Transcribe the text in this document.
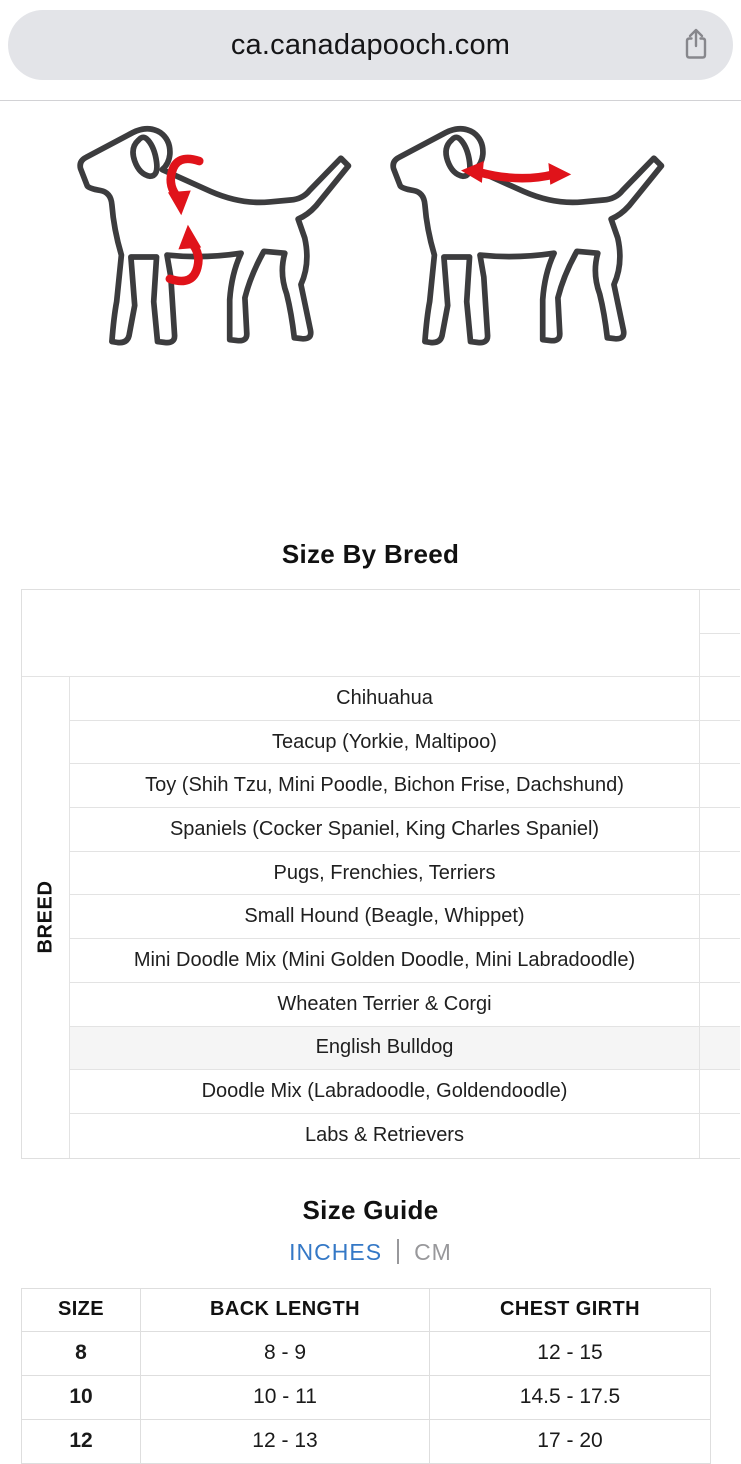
ca.canadapooch.com
Size By Breed
BREED
Chihuahua
Teacup (Yorkie, Maltipoo)
Toy (Shih Tzu, Mini Poodle, Bichon Frise, Dachshund)
Spaniels (Cocker Spaniel, King Charles Spaniel)
Pugs, Frenchies, Terriers
Small Hound (Beagle, Whippet)
Mini Doodle Mix (Mini Golden Doodle, Mini Labradoodle)
Wheaten Terrier & Corgi
English Bulldog
Doodle Mix (Labradoodle, Goldendoodle)
Labs & Retrievers
Size Guide
INCHES CM
SIZE	BACK LENGTH	CHEST GIRTH
8	8 - 9	12 - 15
10	10 - 11	14.5 - 17.5
12	12 - 13	17 - 20
